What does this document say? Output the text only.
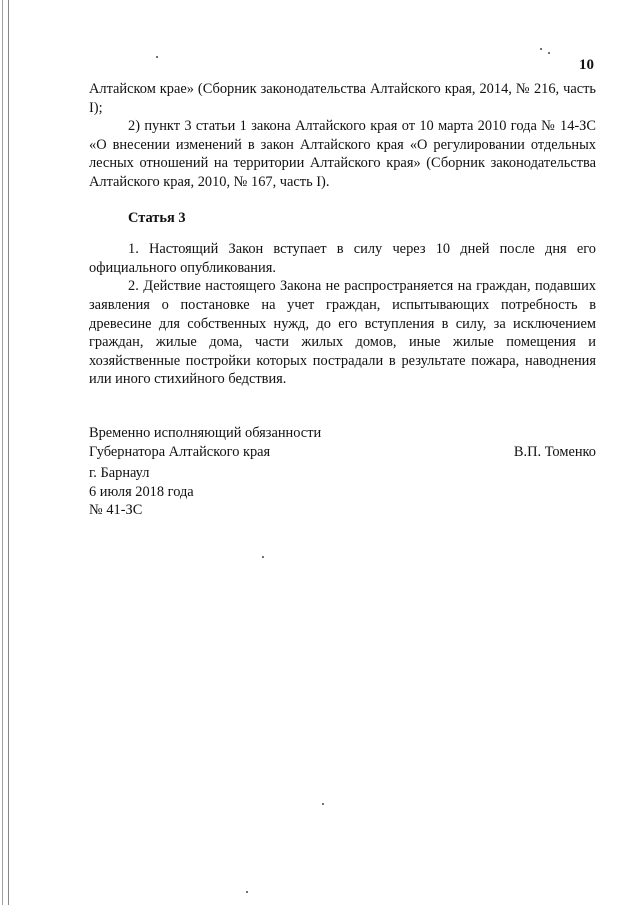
10

Алтайском крае» (Сборник законодательства Алтайского края, 2014, № 216, часть I);

2) пункт 3 статьи 1 закона Алтайского края от 10 марта 2010 года № 14-ЗС «О внесении изменений в закон Алтайского края «О регулировании отдельных лесных отношений на территории Алтайского края» (Сборник законодательства Алтайского края, 2010, № 167, часть I).

Статья 3

1. Настоящий Закон вступает в силу через 10 дней после дня его официального опубликования.

2. Действие настоящего Закона не распространяется на граждан, подавших заявления о постановке на учет граждан, испытывающих потребность в древесине для собственных нужд, до его вступления в силу, за исключением граждан, жилые дома, части жилых домов, иные жилые помещения и хозяйственные постройки которых пострадали в результате пожара, наводнения или иного стихийного бедствия.

Временно исполняющий обязанности
Губернатора Алтайского края	В.П. Томенко
г. Барнаул
6 июля 2018 года
№ 41-ЗС
